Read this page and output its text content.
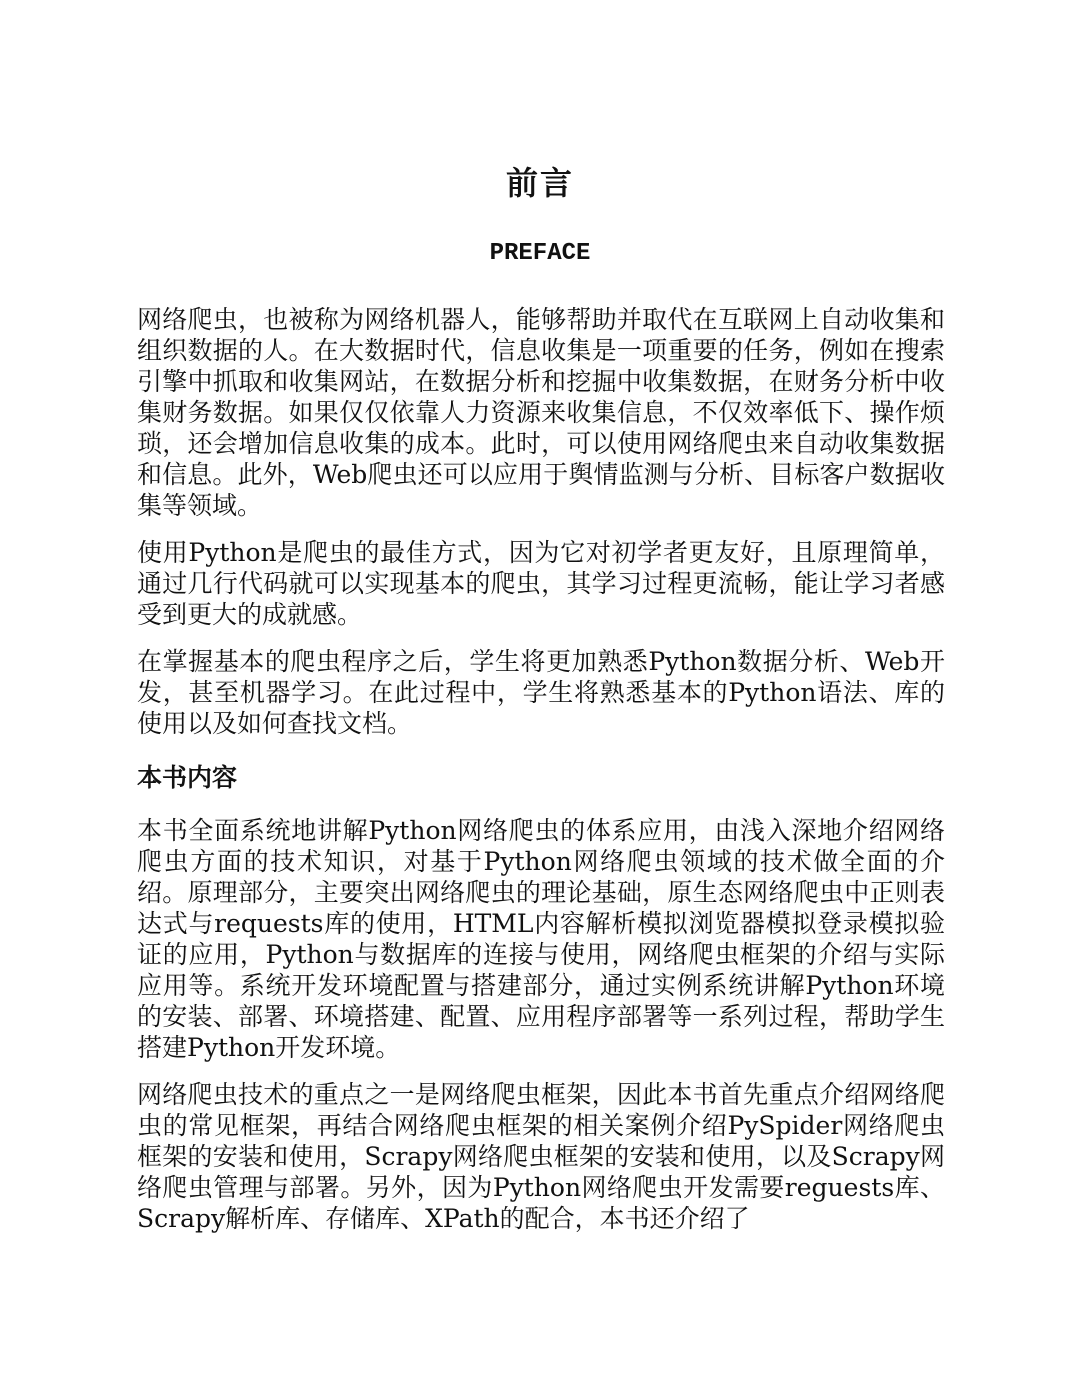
前言
PREFACE

网络爬虫，也被称为网络机器人，能够帮助并取代在互联网上自动收集和组织数据的人。在大数据时代，信息收集是一项重要的任务，例如在搜索引擎中抓取和收集网站，在数据分析和挖掘中收集数据，在财务分析中收集财务数据。如果仅仅依靠人力资源来收集信息，不仅效率低下、操作烦琐，还会增加信息收集的成本。此时，可以使用网络爬虫来自动收集数据和信息。此外，Web爬虫还可以应用于舆情监测与分析、目标客户数据收集等领域。

使用Python是爬虫的最佳方式，因为它对初学者更友好，且原理简单，通过几行代码就可以实现基本的爬虫，其学习过程更流畅，能让学习者感受到更大的成就感。

在掌握基本的爬虫程序之后，学生将更加熟悉Python数据分析、Web开发，甚至机器学习。在此过程中，学生将熟悉基本的Python语法、库的使用以及如何查找文档。

本书内容

本书全面系统地讲解Python网络爬虫的体系应用，由浅入深地介绍网络爬虫方面的技术知识，对基于Python网络爬虫领域的技术做全面的介绍。原理部分，主要突出网络爬虫的理论基础，原生态网络爬虫中正则表达式与requests库的使用，HTML内容解析模拟浏览器模拟登录模拟验证的应用，Python与数据库的连接与使用，网络爬虫框架的介绍与实际应用等。系统开发环境配置与搭建部分，通过实例系统讲解Python环境的安装、部署、环境搭建、配置、应用程序部署等一系列过程，帮助学生搭建Python开发环境。

网络爬虫技术的重点之一是网络爬虫框架，因此本书首先重点介绍网络爬虫的常见框架，再结合网络爬虫框架的相关案例介绍PySpider网络爬虫框架的安装和使用，Scrapy网络爬虫框架的安装和使用，以及Scrapy网络爬虫管理与部署。另外，因为Python网络爬虫开发需要reguests库、Scrapy解析库、存储库、XPath的配合，本书还介绍了
